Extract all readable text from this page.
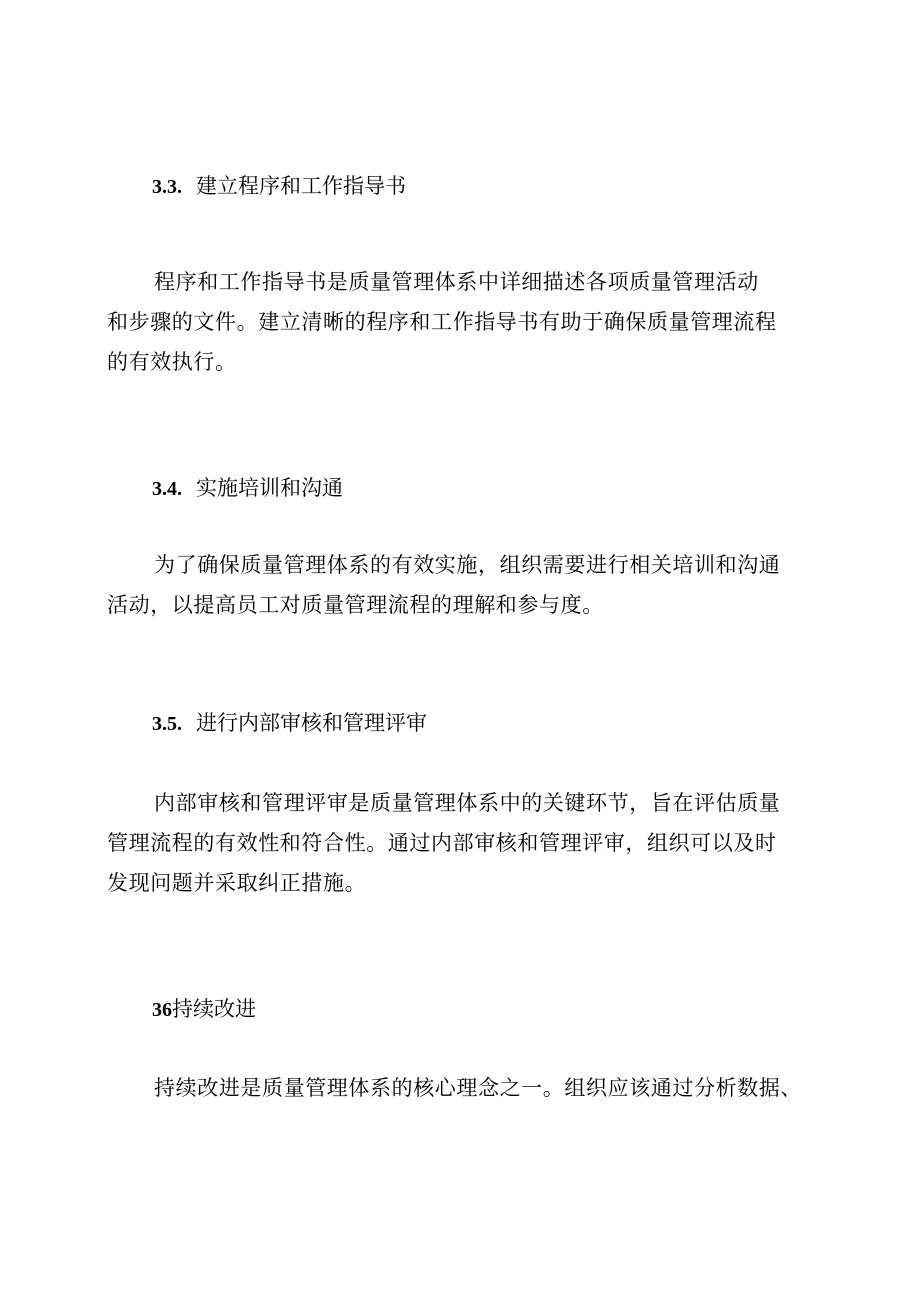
3.3. 建立程序和工作指导书
程序和工作指导书是质量管理体系中详细描述各项质量管理活动
和步骤的文件。建立清晰的程序和工作指导书有助于确保质量管理流程
的有效执行。
3.4. 实施培训和沟通
为了确保质量管理体系的有效实施，组织需要进行相关培训和沟通
活动，以提高员工对质量管理流程的理解和参与度。
3.5. 进行内部审核和管理评审
内部审核和管理评审是质量管理体系中的关键环节，旨在评估质量
管理流程的有效性和符合性。通过内部审核和管理评审，组织可以及时
发现问题并采取纠正措施。
36持续改进
持续改进是质量管理体系的核心理念之一。组织应该通过分析数据、
